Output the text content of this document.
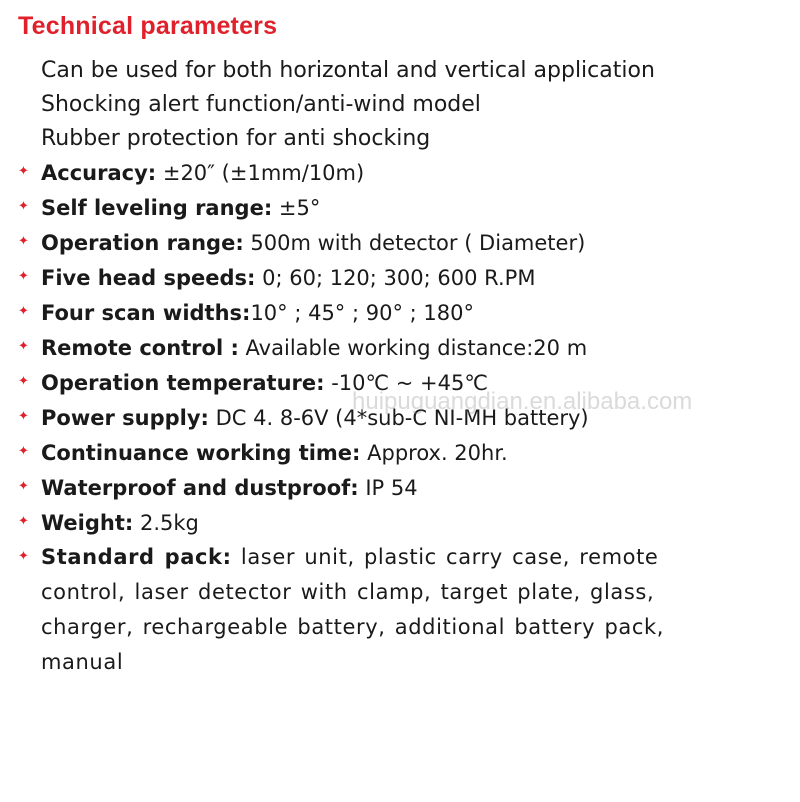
Technical parameters
Can be used for both horizontal and vertical application
Shocking alert function/anti-wind model
Rubber protection for anti shocking
✦ Accuracy: ±20″ (±1mm/10m)
✦ Self leveling range: ±5°
✦ Operation range: 500m with detector ( Diameter)
✦ Five head speeds: 0; 60; 120; 300; 600 R.PM
✦ Four scan widths:10° ; 45° ; 90° ; 180°
✦ Remote control : Available working distance:20 m
✦ Operation temperature: -10℃ ~ +45℃
✦ Power supply: DC 4. 8-6V (4*sub-C NI-MH battery)
✦ Continuance working time: Approx. 20hr.
✦ Waterproof and dustproof: IP 54
✦ Weight: 2.5kg
✦ Standard pack: laser unit, plastic carry case, remote control, laser detector with clamp, target plate, glass, charger, rechargeable battery, additional battery pack, manual
huipuguangdian.en.alibaba.com
